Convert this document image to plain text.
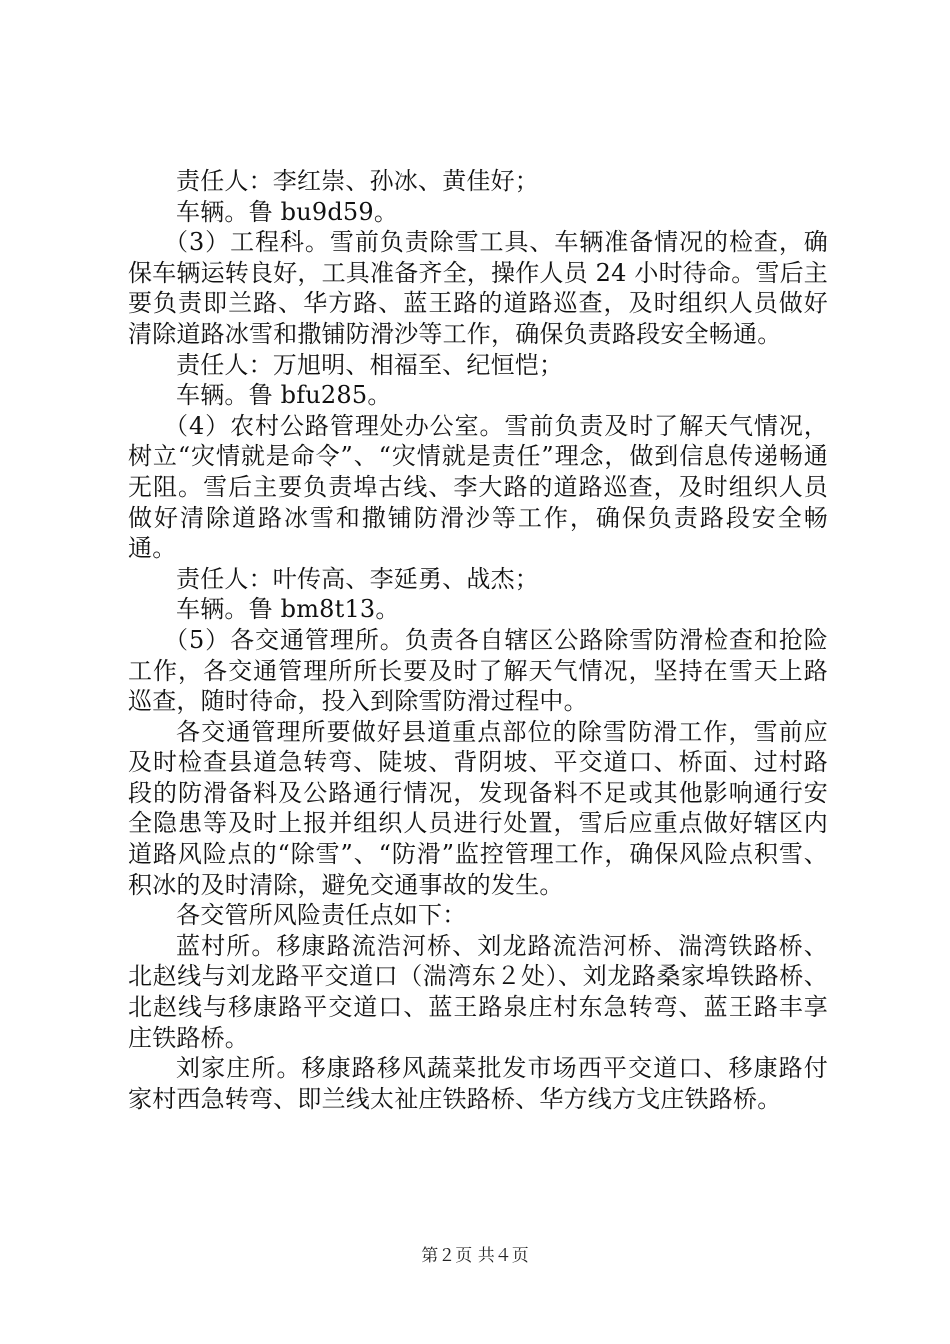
责任人：李红崇、孙冰、黄佳好；

车辆。鲁 bu9d59。

（3）工程科。雪前负责除雪工具、车辆准备情况的检查，确保车辆运转良好，工具准备齐全，操作人员 24 小时待命。雪后主要负责即兰路、华方路、蓝王路的道路巡查，及时组织人员做好清除道路冰雪和撒铺防滑沙等工作，确保负责路段安全畅通。

责任人：万旭明、相福至、纪恒恺；

车辆。鲁 bfu285。

（4）农村公路管理处办公室。雪前负责及时了解天气情况，树立“灾情就是命令”、“灾情就是责任”理念，做到信息传递畅通无阻。雪后主要负责埠古线、李大路的道路巡查，及时组织人员做好清除道路冰雪和撒铺防滑沙等工作，确保负责路段安全畅通。

责任人：叶传高、李延勇、战杰；

车辆。鲁 bm8t13。

（5）各交通管理所。负责各自辖区公路除雪防滑检查和抢险工作，各交通管理所所长要及时了解天气情况，坚持在雪天上路巡查，随时待命，投入到除雪防滑过程中。

各交通管理所要做好县道重点部位的除雪防滑工作，雪前应及时检查县道急转弯、陡坡、背阴坡、平交道口、桥面、过村路段的防滑备料及公路通行情况，发现备料不足或其他影响通行安全隐患等及时上报并组织人员进行处置，雪后应重点做好辖区内道路风险点的“除雪”、“防滑”监控管理工作，确保风险点积雪、积冰的及时清除，避免交通事故的发生。

各交管所风险责任点如下：

蓝村所。移康路流浩河桥、刘龙路流浩河桥、湍湾铁路桥、北赵线与刘龙路平交道口（湍湾东２处）、刘龙路桑家埠铁路桥、北赵线与移康路平交道口、蓝王路泉庄村东急转弯、蓝王路丰享庄铁路桥。

刘家庄所。移康路移风蔬菜批发市场西平交道口、移康路付家村西急转弯、即兰线太祉庄铁路桥、华方线方戈庄铁路桥。

第２页 共４页
